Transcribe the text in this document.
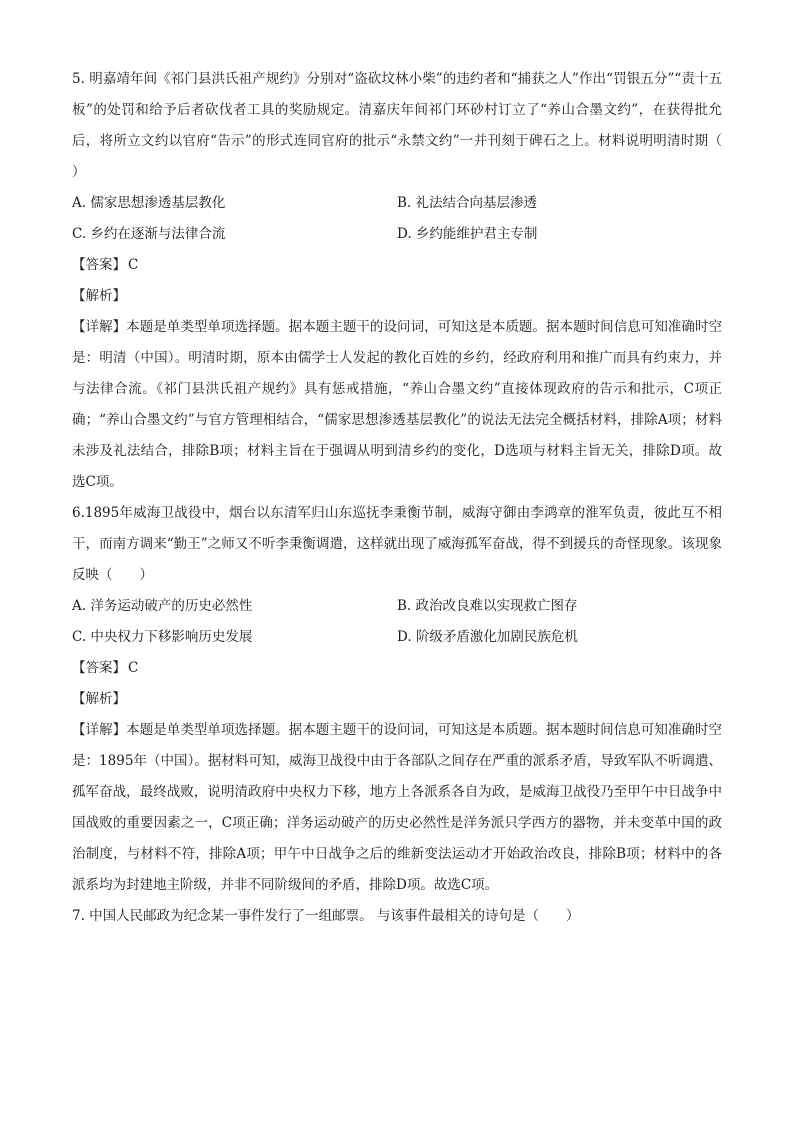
5. 明嘉靖年间《祁门县洪氏祖产规约》分别对“盗砍坟林小柴”的违约者和“捕获之人”作出“罚银五分”“责十五板”的处罚和给予后者砍伐者工具的奖励规定。清嘉庆年间祁门环砂村订立了“养山合墨文约”，在获得批允后，将所立文约以官府“告示”的形式连同官府的批示“永禁文约”一并刊刻于碑石之上。材料说明明清时期（　　）

A. 儒家思想渗透基层教化	B. 礼法结合向基层渗透
C. 乡约在逐渐与法律合流	D. 乡约能维护君主专制
【答案】 C
【解析】

【详解】本题是单类型单项选择题。据本题主题干的设问词，可知这是本质题。据本题时间信息可知准确时空是：明清（中国）。明清时期，原本由儒学士人发起的教化百姓的乡约，经政府利用和推广而具有约束力，并与法律合流。《祁门县洪氏祖产规约》具有惩戒措施，“养山合墨文约”直接体现政府的告示和批示，C项正确；“养山合墨文约”与官方管理相结合，“儒家思想渗透基层教化”的说法无法完全概括材料，排除A项；材料未涉及礼法结合，排除B项；材料主旨在于强调从明到清乡约的变化，D选项与材料主旨无关，排除D项。故选C项。

6.1895年威海卫战役中，烟台以东清军归山东巡抚李秉衡节制，威海守御由李鸿章的淮军负责，彼此互不相干，而南方调来“勤王”之师又不听李秉衡调遣，这样就出现了威海孤军奋战，得不到援兵的奇怪现象。该现象反映（　　）

A. 洋务运动破产的历史必然性	B. 政治改良难以实现救亡图存
C. 中央权力下移影响历史发展	D. 阶级矛盾激化加剧民族危机
【答案】 C
【解析】

【详解】本题是单类型单项选择题。据本题主题干的设问词，可知这是本质题。据本题时间信息可知准确时空是：1895年（中国）。据材料可知，威海卫战役中由于各部队之间存在严重的派系矛盾，导致军队不听调遣、孤军奋战，最终战败，说明清政府中央权力下移，地方上各派系各自为政，是威海卫战役乃至甲午中日战争中国战败的重要因素之一，C项正确；洋务运动破产的历史必然性是洋务派只学西方的器物，并未变革中国的政治制度，与材料不符，排除A项；甲午中日战争之后的维新变法运动才开始政治改良，排除B项；材料中的各派系均为封建地主阶级，并非不同阶级间的矛盾，排除D项。故选C项。

7. 中国人民邮政为纪念某一事件发行了一组邮票。 与该事件最相关的诗句是（　　）
